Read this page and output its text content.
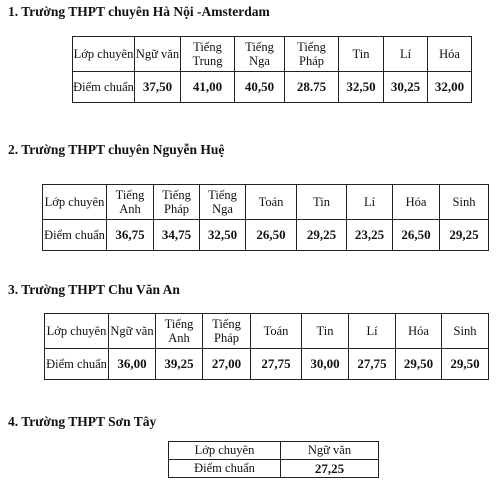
1. Trường THPT chuyên Hà Nội -Amsterdam
Lớp chuyên	Ngữ văn	Tiếng Trung	Tiếng Nga	Tiếng Pháp	Tin	Lí	Hóa
Điểm chuẩn	37,50	41,00	40,50	28.75	32,50	30,25	32,00
2. Trường THPT chuyên Nguyễn Huệ
Lớp chuyên	Tiếng Anh	Tiếng Pháp	Tiếng Nga	Toán	Tin	Lí	Hóa	Sinh
Điểm chuẩn	36,75	34,75	32,50	26,50	29,25	23,25	26,50	29,25
3. Trường THPT Chu Văn An
Lớp chuyên	Ngữ văn	Tiếng Anh	Tiếng Pháp	Toán	Tin	Lí	Hóa	Sinh
Điểm chuẩn	36,00	39,25	27,00	27,75	30,00	27,75	29,50	29,50
4. Trường THPT Sơn Tây
Lớp chuyên	Ngữ văn
Điểm chuẩn	27,25
